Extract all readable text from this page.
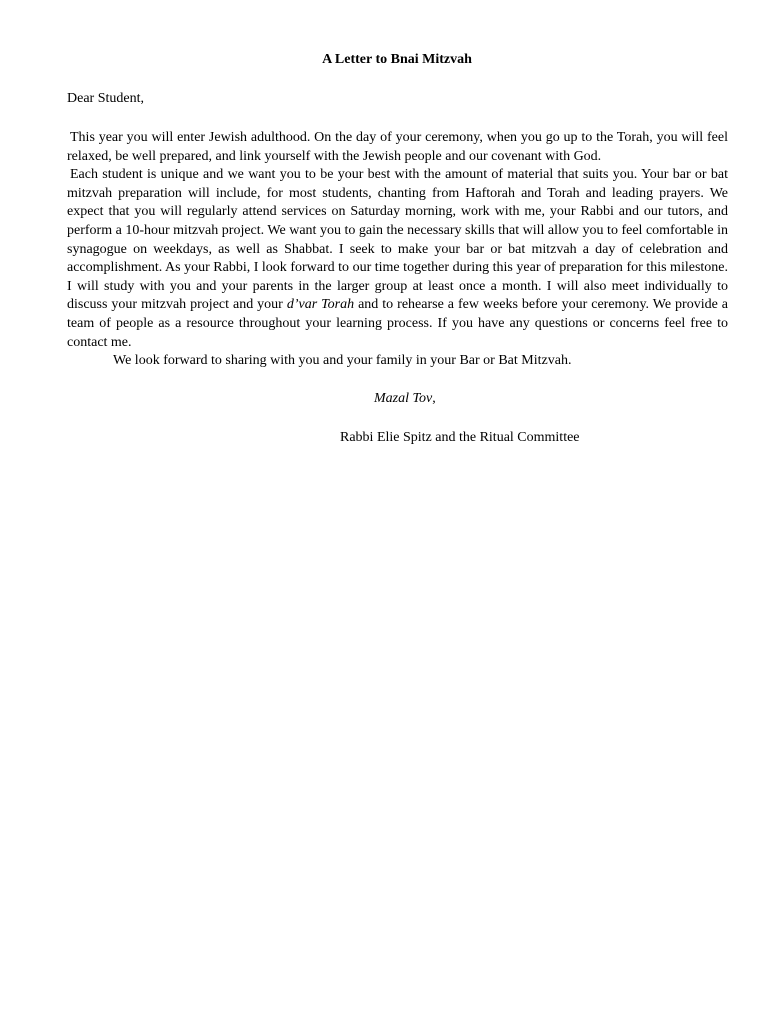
A Letter to Bnai Mitzvah
Dear Student,

This year you will enter Jewish adulthood. On the day of your ceremony, when you go up to the Torah, you will feel relaxed, be well prepared, and link yourself with the Jewish people and our covenant with God.

Each student is unique and we want you to be your best with the amount of material that suits you. Your bar or bat mitzvah preparation will include, for most students, chanting from Haftorah and Torah and leading prayers. We expect that you will regularly attend services on Saturday morning, work with me, your Rabbi and our tutors, and perform a 10-hour mitzvah project. We want you to gain the necessary skills that will allow you to feel comfortable in synagogue on weekdays, as well as Shabbat. I seek to make your bar or bat mitzvah a day of celebration and accomplishment. As your Rabbi, I look forward to our time together during this year of preparation for this milestone. I will study with you and your parents in the larger group at least once a month. I will also meet individually to discuss your mitzvah project and your d’var Torah and to rehearse a few weeks before your ceremony. We provide a team of people as a resource throughout your learning process. If you have any questions or concerns feel free to contact me.

We look forward to sharing with you and your family in your Bar or Bat Mitzvah.

Mazal Tov,
Rabbi Elie Spitz and the Ritual Committee
